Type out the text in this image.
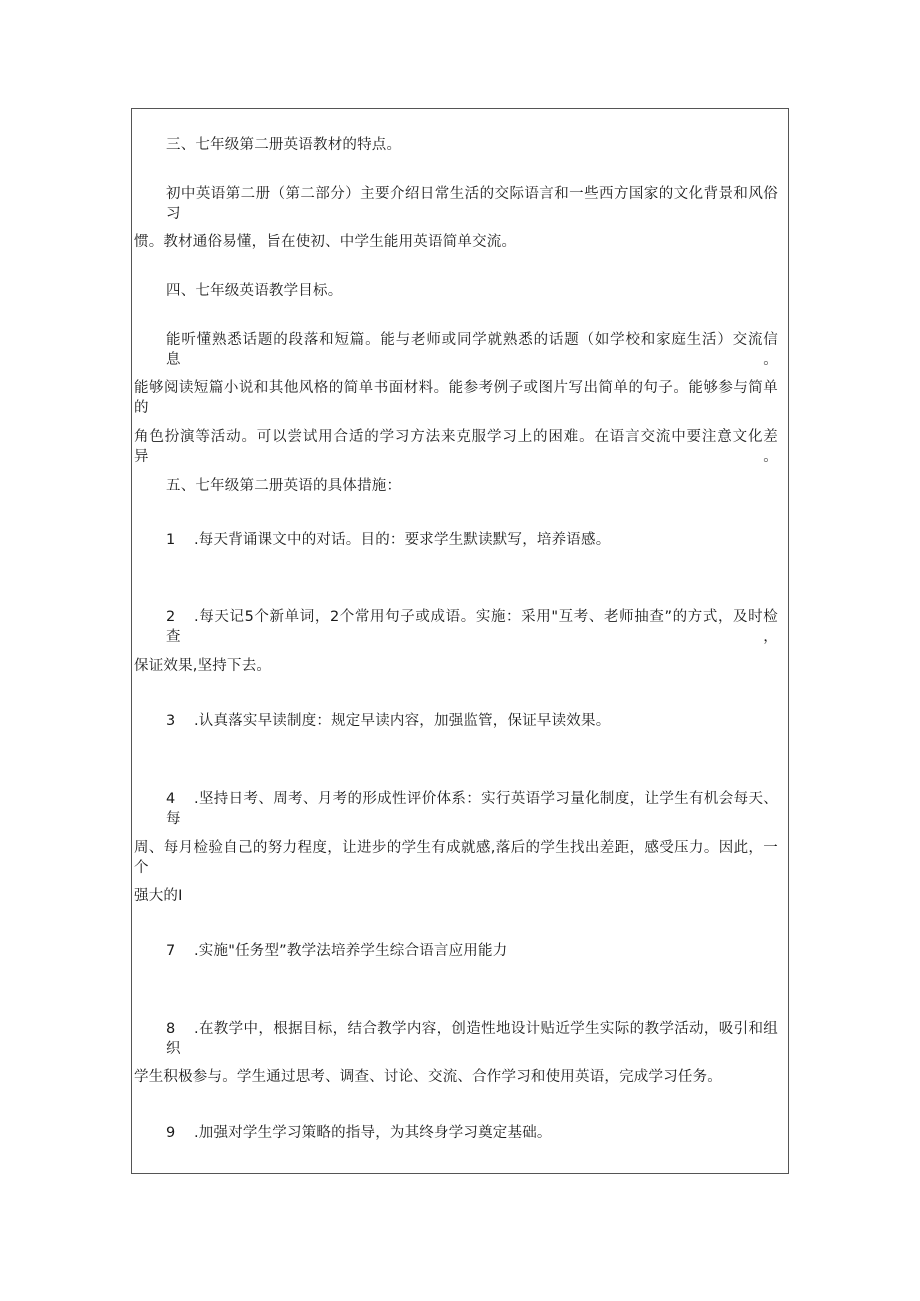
三、七年级第二册英语教材的特点。
初中英语第二册（第二部分）主要介绍日常生活的交际语言和一些西方国家的文化背景和风俗习
惯。教材通俗易懂，旨在使初、中学生能用英语简单交流。
四、七年级英语教学目标。
能听懂熟悉话题的段落和短篇。能与老师或同学就熟悉的话题（如学校和家庭生活）交流信息。
能够阅读短篇小说和其他风格的简单书面材料。能参考例子或图片写出简单的句子。能够参与简单的
角色扮演等活动。可以尝试用合适的学习方法来克服学习上的困难。在语言交流中要注意文化差异。
五、七年级第二册英语的具体措施：
1 .每天背诵课文中的对话。目的：要求学生默读默写，培养语感。
2 .每天记5个新单词，2个常用句子或成语。实施：采用"互考、老师抽查”的方式，及时检查，
保证效果,坚持下去。
3 .认真落实早读制度：规定早读内容，加强监管，保证早读效果。
4 .坚持日考、周考、月考的形成性评价体系：实行英语学习量化制度，让学生有机会每天、每
周、每月检验自己的努力程度，让进步的学生有成就感,落后的学生找出差距，感受压力。因此，一个
强大的I
7 .实施"任务型”教学法培养学生综合语言应用能力
8 .在教学中，根据目标，结合教学内容，创造性地设计贴近学生实际的教学活动，吸引和组织
学生积极参与。学生通过思考、调查、讨论、交流、合作学习和使用英语，完成学习任务。
9 .加强对学生学习策略的指导，为其终身学习奠定基础。
